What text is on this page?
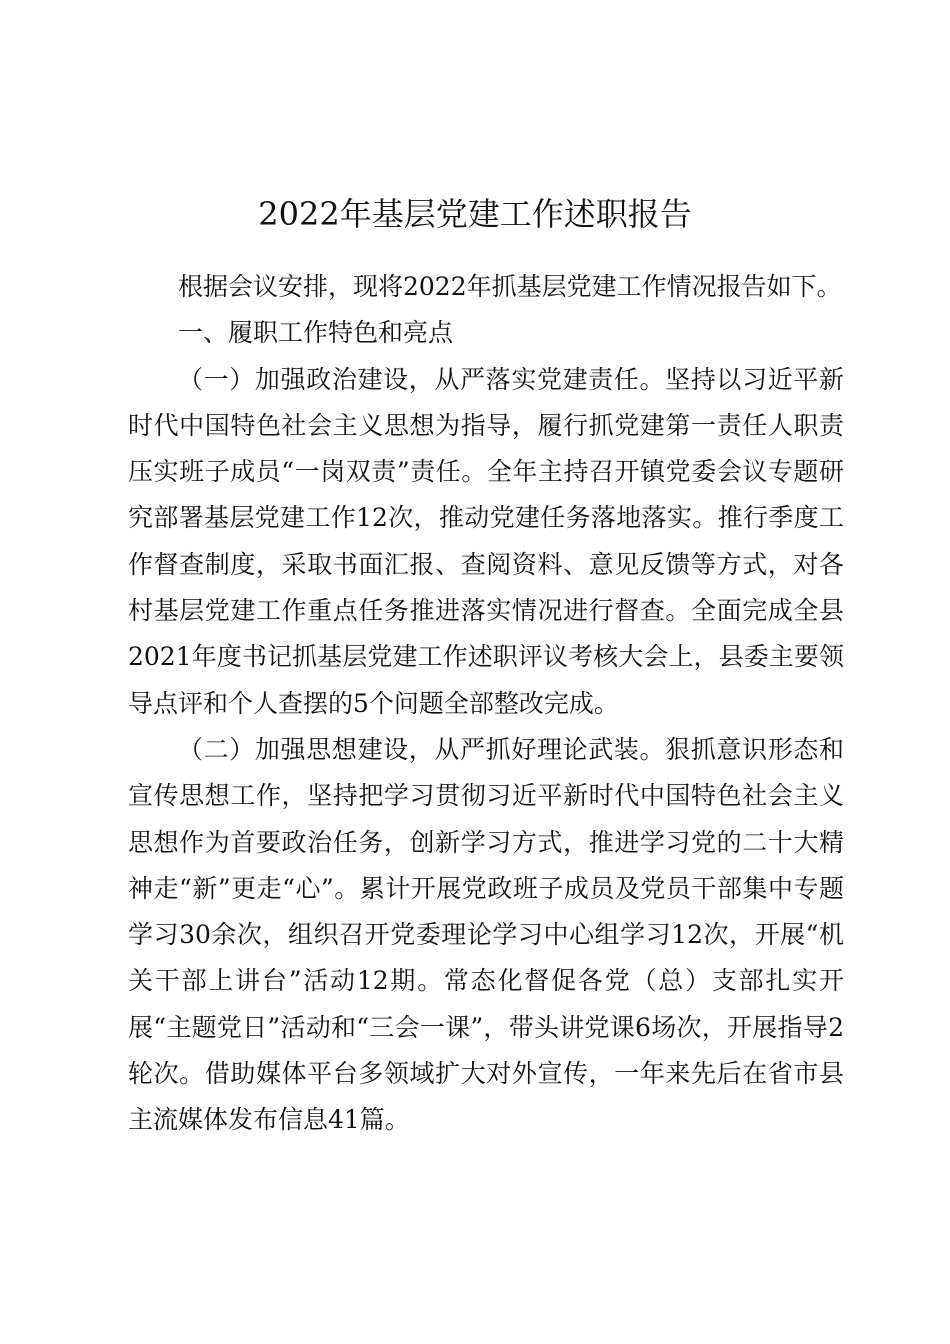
2022年基层党建工作述职报告

根据会议安排，现将2022年抓基层党建工作情况报告如下。

一、履职工作特色和亮点

（一）加强政治建设，从严落实党建责任。坚持以习近平新时代中国特色社会主义思想为指导，履行抓党建第一责任人职责压实班子成员“一岗双责”责任。全年主持召开镇党委会议专题研究部署基层党建工作12次，推动党建任务落地落实。推行季度工作督查制度，采取书面汇报、查阅资料、意见反馈等方式，对各村基层党建工作重点任务推进落实情况进行督查。全面完成全县2021年度书记抓基层党建工作述职评议考核大会上，县委主要领导点评和个人查摆的5个问题全部整改完成。

（二）加强思想建设，从严抓好理论武装。狠抓意识形态和宣传思想工作，坚持把学习贯彻习近平新时代中国特色社会主义思想作为首要政治任务，创新学习方式，推进学习党的二十大精神走“新”更走“心”。累计开展党政班子成员及党员干部集中专题学习30余次，组织召开党委理论学习中心组学习12次，开展“机关干部上讲台”活动12期。常态化督促各党（总）支部扎实开展“主题党日”活动和“三会一课”，带头讲党课6场次，开展指导2轮次。借助媒体平台多领域扩大对外宣传，一年来先后在省市县主流媒体发布信息41篇。
